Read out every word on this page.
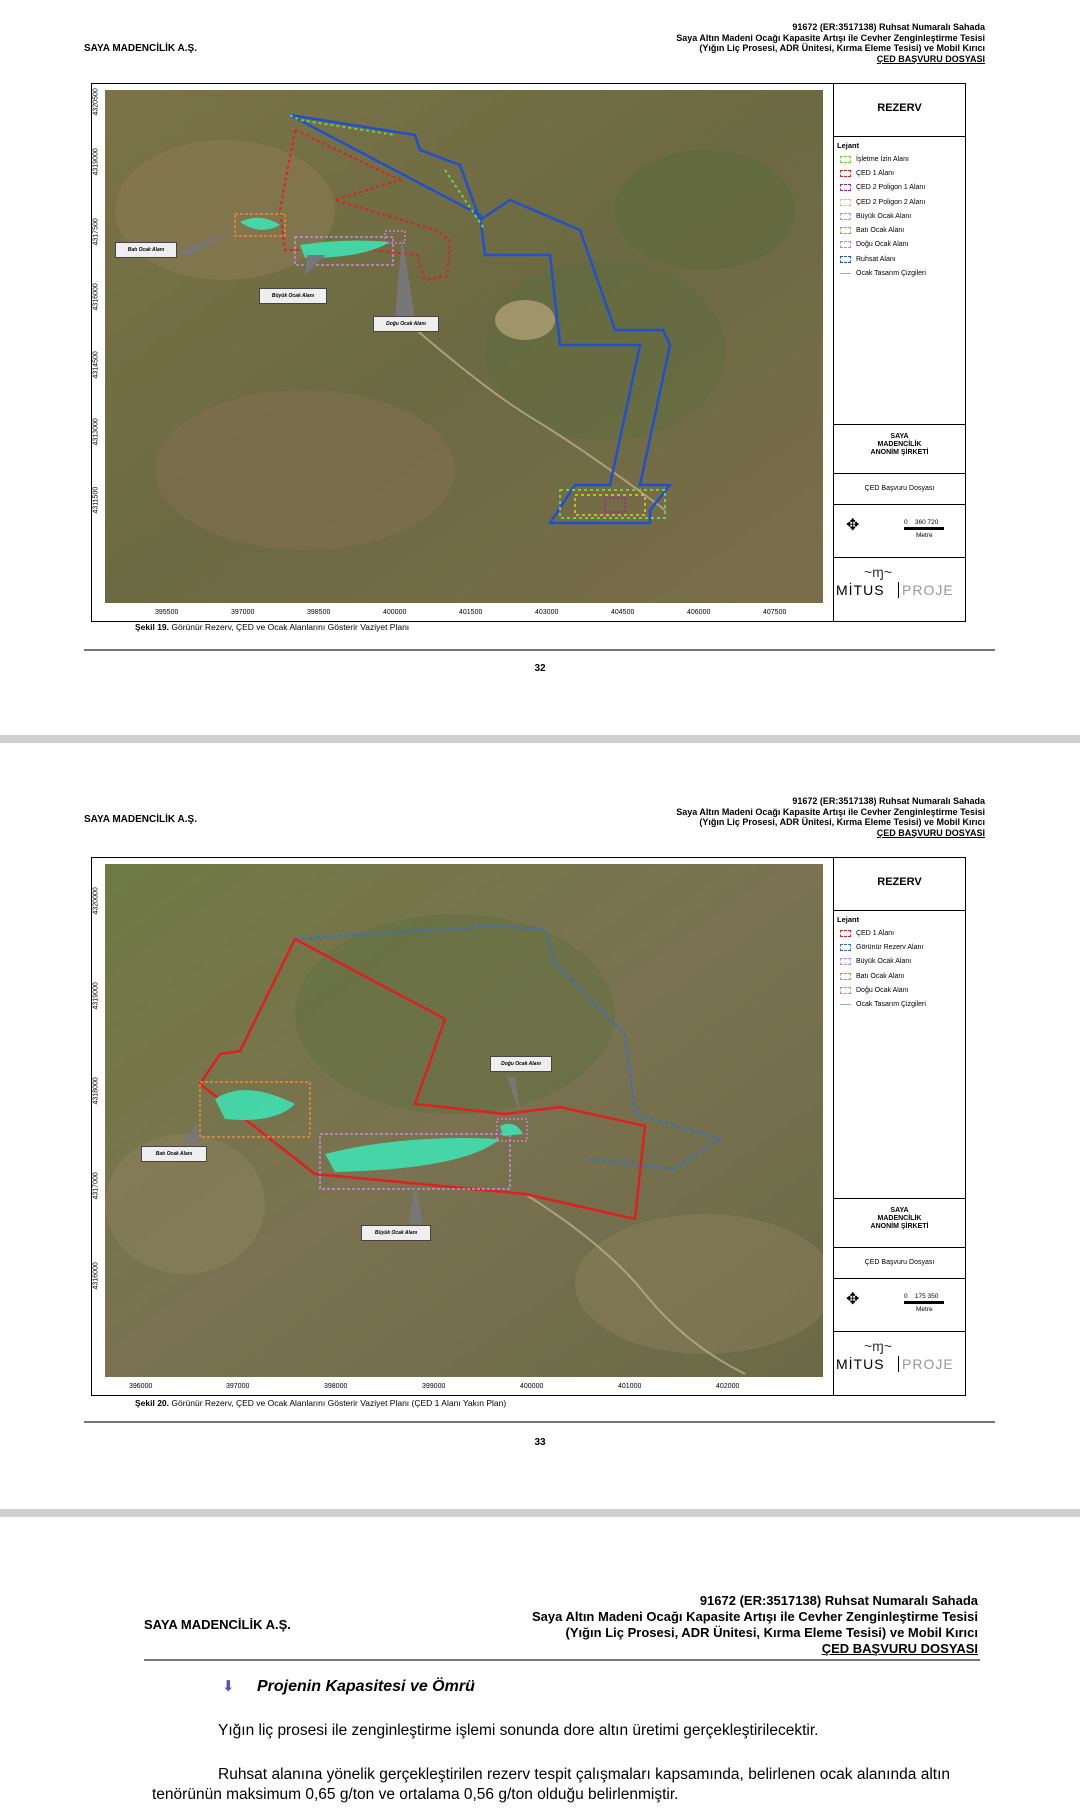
SAYA MADENCİLİK A.Ş.
91672 (ER:3517138) Ruhsat Numaralı Sahada
Saya Altın Madeni Ocağı Kapasite Artışı ile Cevher Zenginleştirme Tesisi
(Yığın Liç Prosesi, ADR Ünitesi, Kırma Eleme Tesisi) ve Mobil Kırıcı
ÇED BAŞVURU DOSYASI
Batı Ocak Alanı
Büyük Ocak Alanı
Doğu Ocak Alanı
4320500
4319000
4317500
4316000
4314500
4313000
4311500
395500	397000	398500	400000	401500	403000	404500	406000	407500
REZERV
Lejant
İşletme İzin Alanı
ÇED 1 Alanı
ÇED 2 Poligon 1 Alanı
ÇED 2 Poligon 2 Alanı
Büyük Ocak Alanı
Batı Ocak Alanı
Doğu Ocak Alanı
Ruhsat Alanı
Ocak Tasarım Çizgileri
SAYA
MADENCİLİK
ANONİM ŞİRKETİ
ÇED Başvuru Dosyası
✥	0    360 720
Metre
~ɱ~
MİTUS PROJE
Şekil 19. Görünür Rezerv, ÇED ve Ocak Alanlarını Gösterir Vaziyet Planı
32
SAYA MADENCİLİK A.Ş.
91672 (ER:3517138) Ruhsat Numaralı Sahada
Saya Altın Madeni Ocağı Kapasite Artışı ile Cevher Zenginleştirme Tesisi
(Yığın Liç Prosesi, ADR Ünitesi, Kırma Eleme Tesisi) ve Mobil Kırıcı
ÇED BAŞVURU DOSYASI
Doğu Ocak Alanı
Batı Ocak Alanı
Büyük Ocak Alanı
4320000
4319000
4318000
4317000
4316000
396000	397000	398000	399000	400000	401000	402000
REZERV
Lejant
ÇED 1 Alanı
Görünür Rezerv Alanı
Büyük Ocak Alanı
Batı Ocak Alanı
Doğu Ocak Alanı
Ocak Tasarım Çizgileri
SAYA
MADENCİLİK
ANONİM ŞİRKETİ
ÇED Başvuru Dosyası
✥	0    175 350
Metre
~ɱ~
MİTUS PROJE
Şekil 20. Görünür Rezerv, ÇED ve Ocak Alanlarını Gösterir Vaziyet Planı (ÇED 1 Alanı Yakın Plan)
33
SAYA MADENCİLİK A.Ş.
91672 (ER:3517138) Ruhsat Numaralı Sahada
Saya Altın Madeni Ocağı Kapasite Artışı ile Cevher Zenginleştirme Tesisi
(Yığın Liç Prosesi, ADR Ünitesi, Kırma Eleme Tesisi) ve Mobil Kırıcı
ÇED BAŞVURU DOSYASI
⬇ Projenin Kapasitesi ve Ömrü
Yığın liç prosesi ile zenginleştirme işlemi sonunda dore altın üretimi gerçekleştirilecektir.
Ruhsat alanına yönelik gerçekleştirilen rezerv tespit çalışmaları kapsamında, belirlenen ocak alanında altın tenörünün maksimum 0,65 g/ton ve ortalama 0,56 g/ton olduğu belirlenmiştir.
